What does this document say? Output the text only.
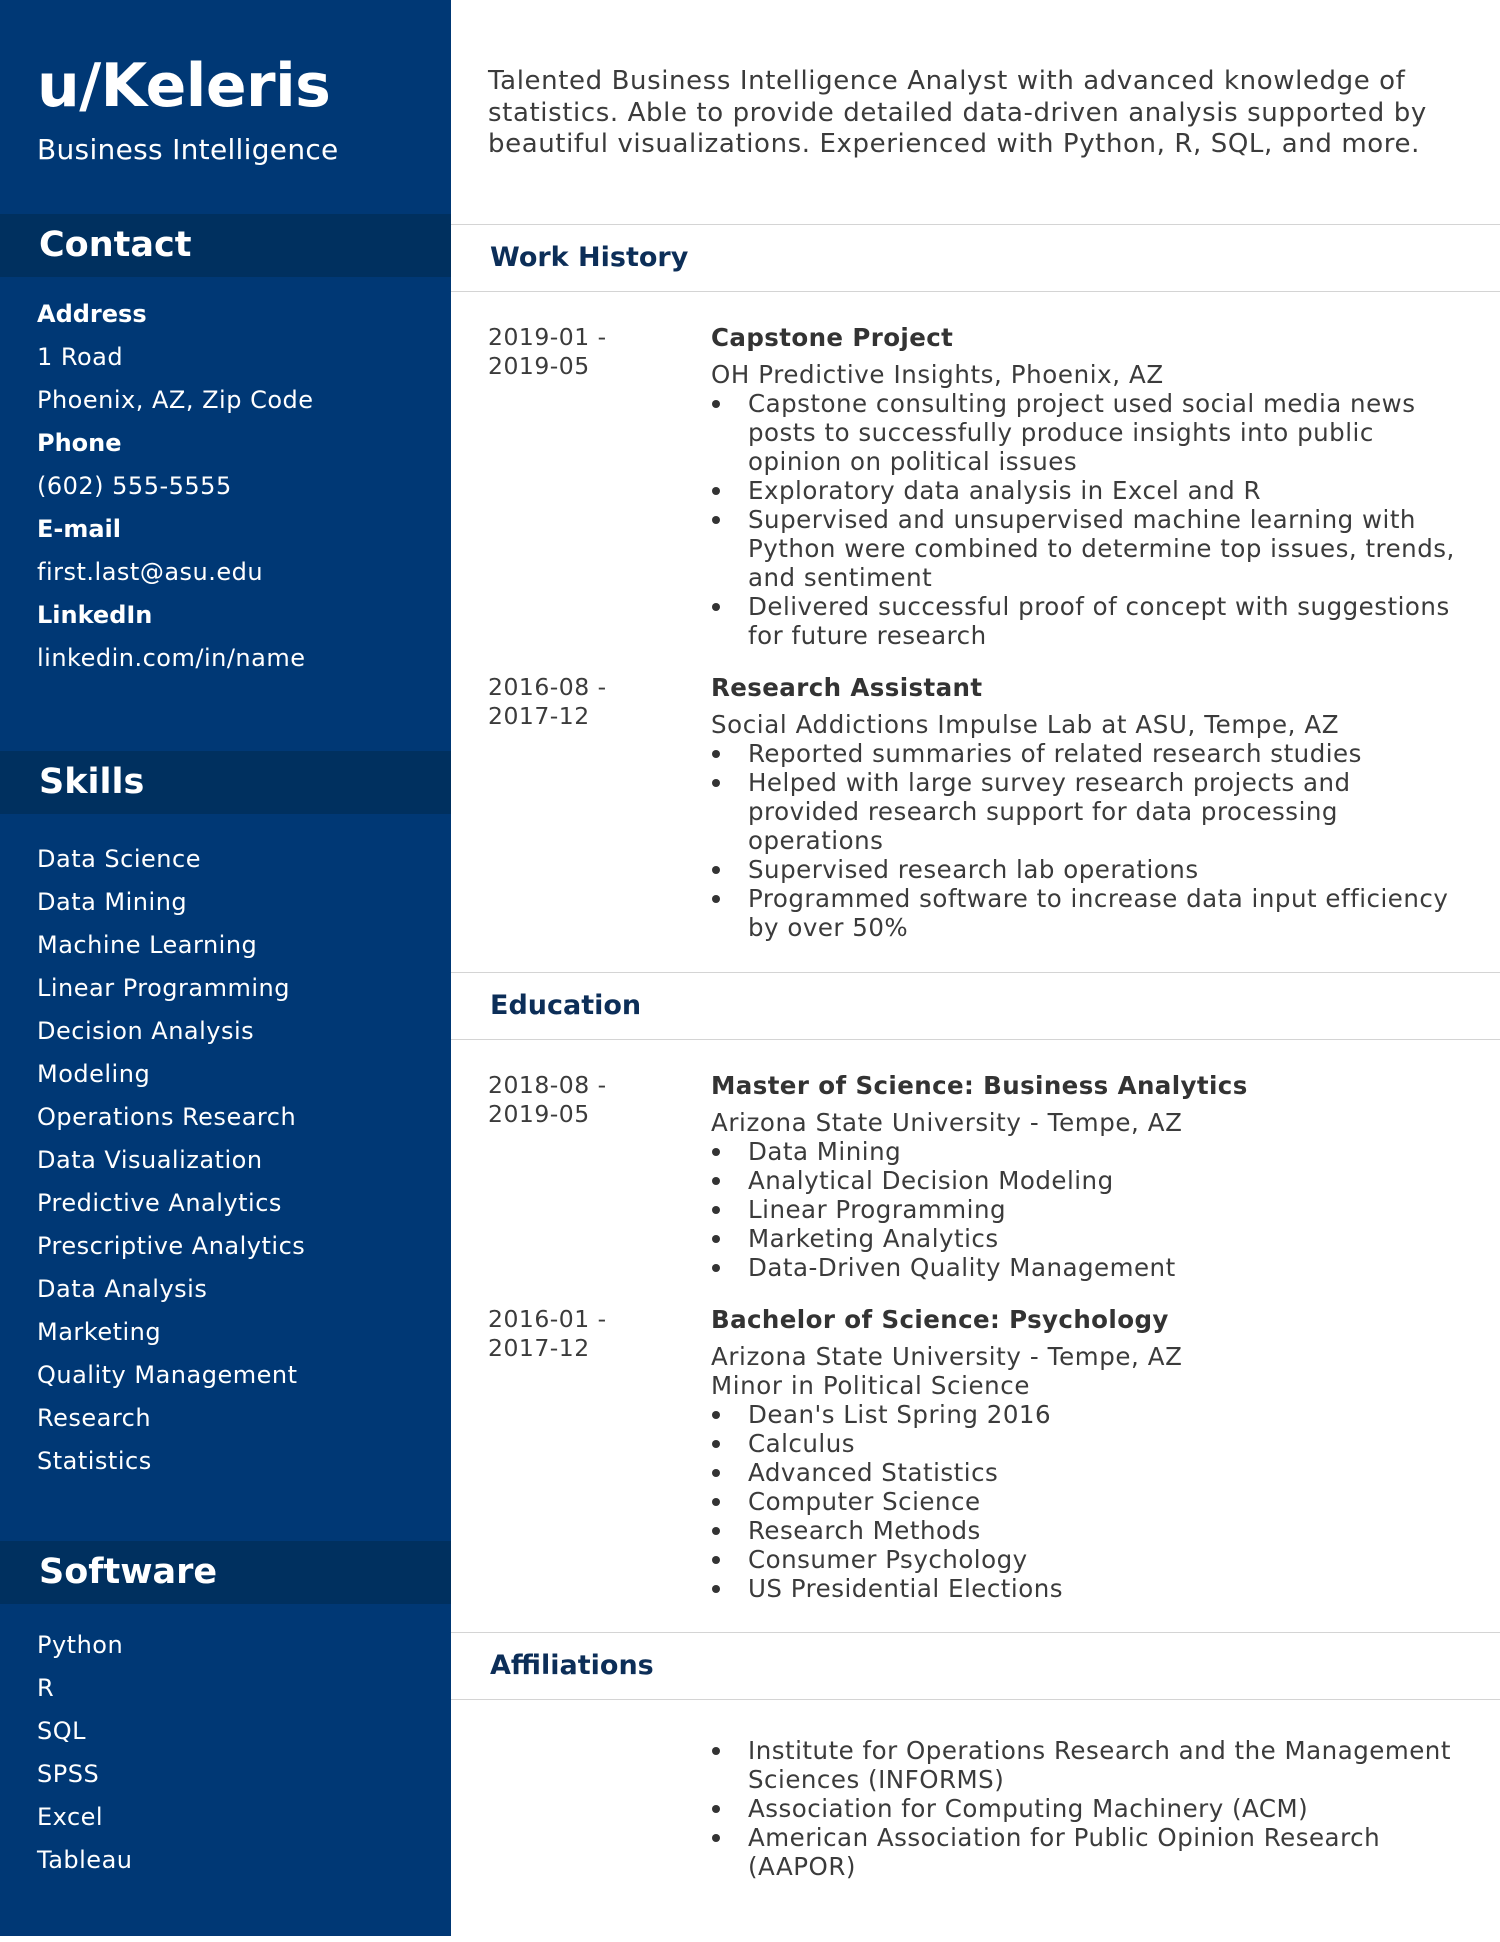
u/Keleris
Business Intelligence
Contact
Address
1 Road
Phoenix, AZ, Zip Code
Phone
(602) 555-5555
E-mail
first.last@asu.edu
LinkedIn
linkedin.com/in/name
Skills
Data Science
Data Mining
Machine Learning
Linear Programming
Decision Analysis
Modeling
Operations Research
Data Visualization
Predictive Analytics
Prescriptive Analytics
Data Analysis
Marketing
Quality Management
Research
Statistics
Software
Python
R
SQL
SPSS
Excel
Tableau
Talented Business Intelligence Analyst with advanced knowledge of statistics. Able to provide detailed data-driven analysis supported by beautiful visualizations. Experienced with Python, R, SQL, and more.
Work History
2019-01 -
2019-05
Capstone Project
OH Predictive Insights, Phoenix, AZ
Capstone consulting project used social media news posts to successfully produce insights into public opinion on political issues
Exploratory data analysis in Excel and R
Supervised and unsupervised machine learning with Python were combined to determine top issues, trends, and sentiment
Delivered successful proof of concept with suggestions for future research
2016-08 -
2017-12
Research Assistant
Social Addictions Impulse Lab at ASU, Tempe, AZ
Reported summaries of related research studies
Helped with large survey research projects and provided research support for data processing operations
Supervised research lab operations
Programmed software to increase data input efficiency by over 50%
Education
2018-08 -
2019-05
Master of Science: Business Analytics
Arizona State University - Tempe, AZ
Data Mining
Analytical Decision Modeling
Linear Programming
Marketing Analytics
Data-Driven Quality Management
2016-01 -
2017-12
Bachelor of Science: Psychology
Arizona State University - Tempe, AZ
Minor in Political Science
Dean's List Spring 2016
Calculus
Advanced Statistics
Computer Science
Research Methods
Consumer Psychology
US Presidential Elections
Affiliations
Institute for Operations Research and the Management Sciences (INFORMS)
Association for Computing Machinery (ACM)
American Association for Public Opinion Research (AAPOR)
